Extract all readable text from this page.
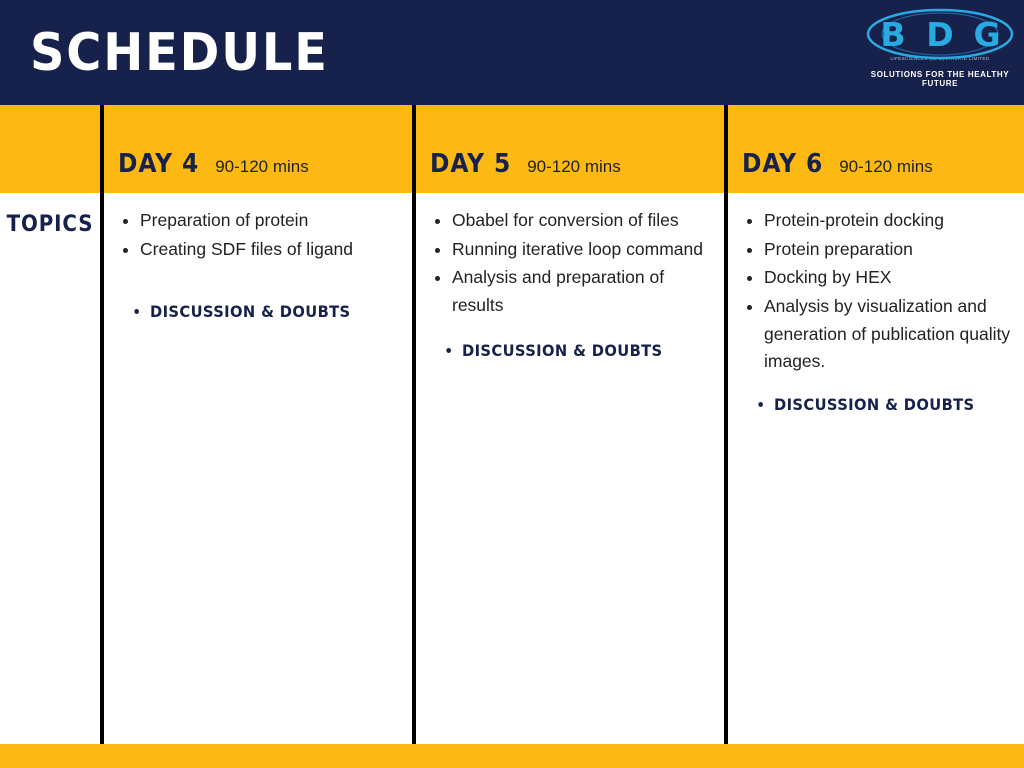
SCHEDULE	B D G
LIFESCIENCES (OPC) PRIVATE LIMITED
SOLUTIONS FOR THE HEALTHY FUTURE
TOPICS
DAY 4 90-120 mins
• Preparation of protein
• Creating SDF files of ligand
• DISCUSSION & DOUBTS
DAY 5 90-120 mins
• Obabel for conversion of files
• Running iterative loop command
• Analysis and preparation of results
• DISCUSSION & DOUBTS
DAY 6 90-120 mins
• Protein-protein docking
• Protein preparation
• Docking by HEX
• Analysis by visualization and generation of publication quality images.
• DISCUSSION & DOUBTS
